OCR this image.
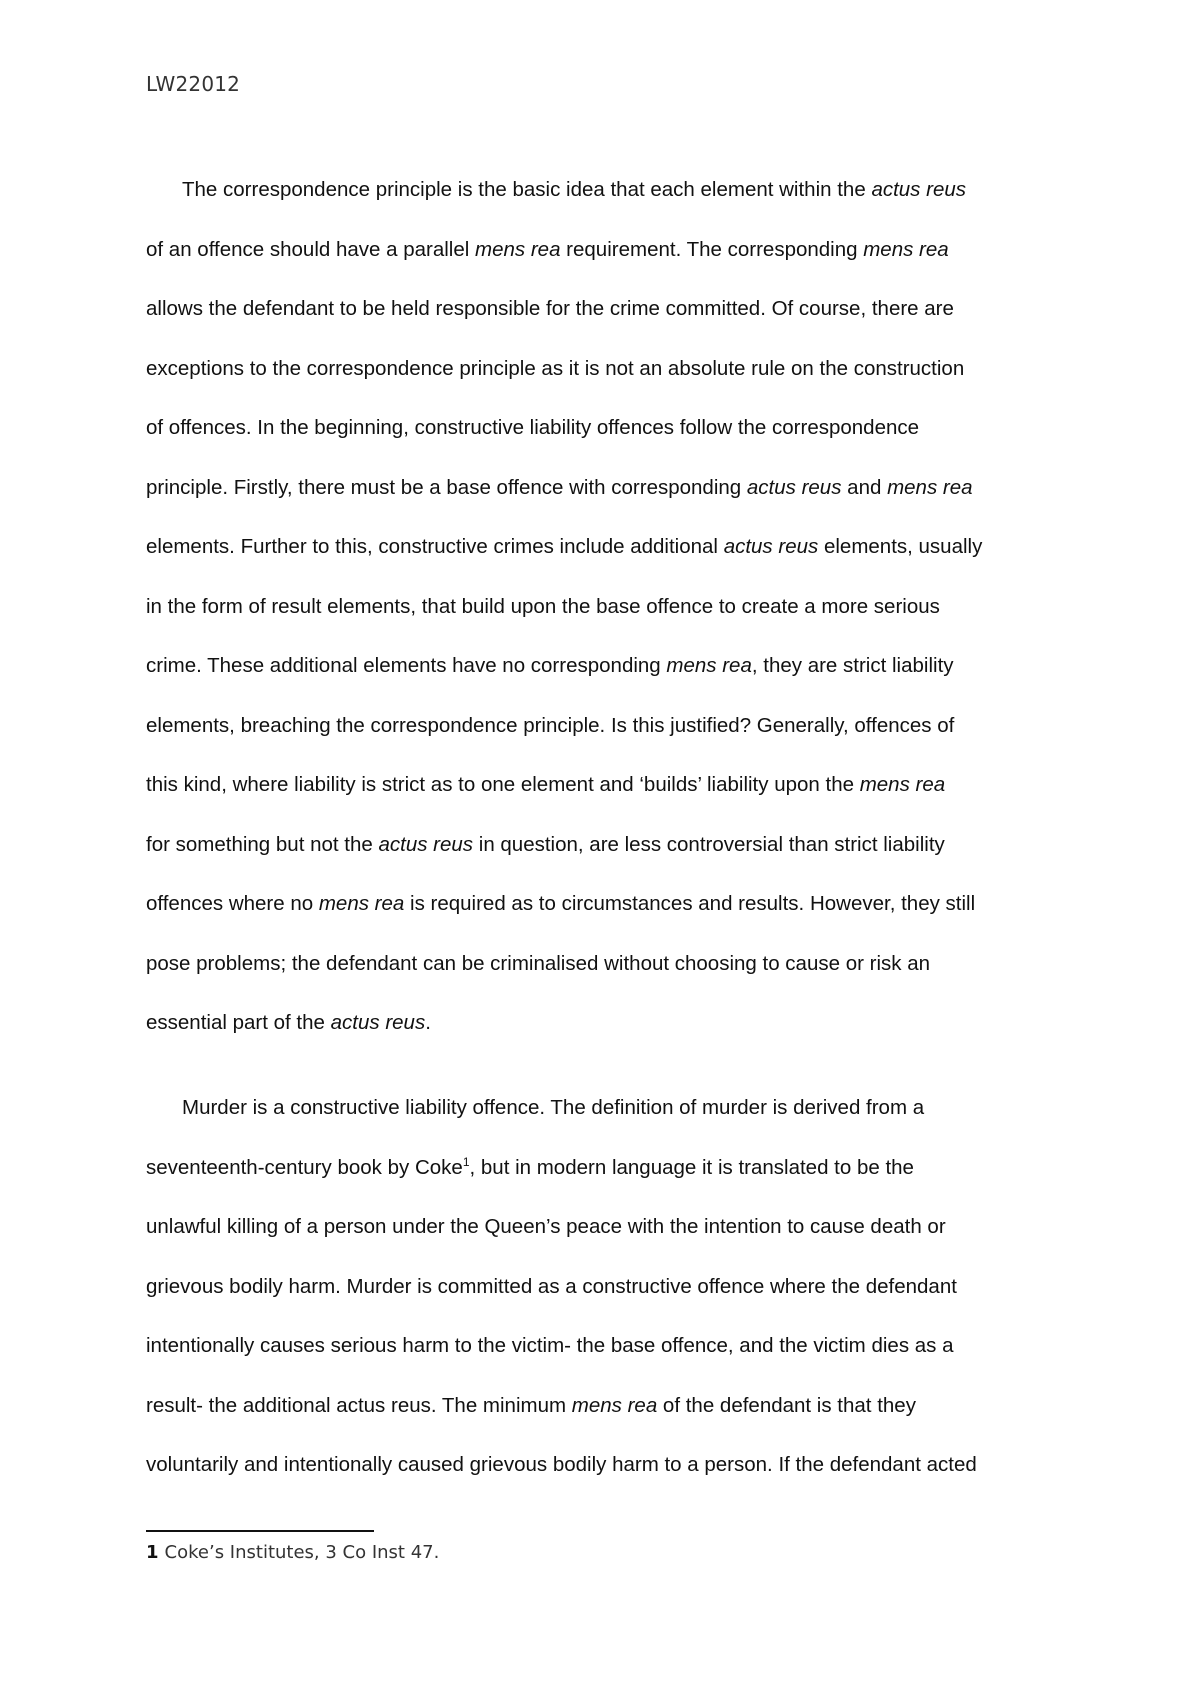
LW22012
The correspondence principle is the basic idea that each element within the actus reus
of an offence should have a parallel mens rea requirement. The corresponding mens rea
allows the defendant to be held responsible for the crime committed. Of course, there are
exceptions to the correspondence principle as it is not an absolute rule on the construction
of offences. In the beginning, constructive liability offences follow the correspondence
principle. Firstly, there must be a base offence with corresponding actus reus and mens rea
elements. Further to this, constructive crimes include additional actus reus elements, usually
in the form of result elements, that build upon the base offence to create a more serious
crime. These additional elements have no corresponding mens rea, they are strict liability
elements, breaching the correspondence principle. Is this justified? Generally, offences of
this kind, where liability is strict as to one element and ‘builds’ liability upon the mens rea
for something but not the actus reus in question, are less controversial than strict liability
offences where no mens rea is required as to circumstances and results. However, they still
pose problems; the defendant can be criminalised without choosing to cause or risk an
essential part of the actus reus.
Murder is a constructive liability offence. The definition of murder is derived from a
seventeenth-century book by Coke$^1$, but in modern language it is translated to be the
unlawful killing of a person under the Queen’s peace with the intention to cause death or
grievous bodily harm. Murder is committed as a constructive offence where the defendant
intentionally causes serious harm to the victim- the base offence, and the victim dies as a
result- the additional actus reus. The minimum mens rea of the defendant is that they
voluntarily and intentionally caused grievous bodily harm to a person. If the defendant acted
1 Coke’s Institutes, 3 Co Inst 47.
